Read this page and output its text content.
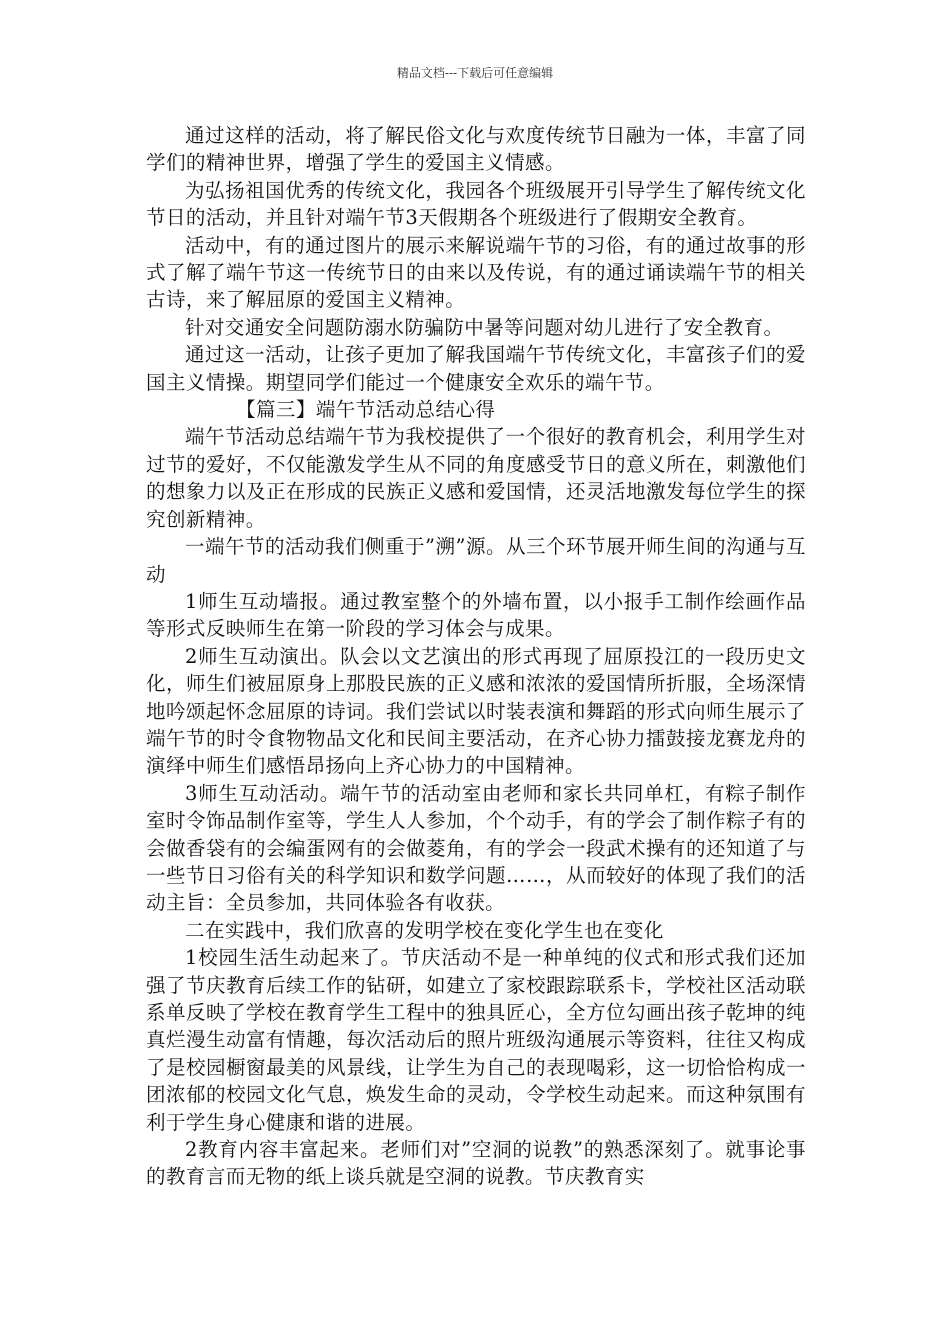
精品文档---下载后可任意编辑

通过这样的活动，将了解民俗文化与欢度传统节日融为一体，丰富了同学们的精神世界，增强了学生的爱国主义情感。

为弘扬祖国优秀的传统文化，我园各个班级展开引导学生了解传统文化节日的活动，并且针对端午节3天假期各个班级进行了假期安全教育。

活动中，有的通过图片的展示来解说端午节的习俗，有的通过故事的形式了解了端午节这一传统节日的由来以及传说，有的通过诵读端午节的相关古诗，来了解屈原的爱国主义精神。

针对交通安全问题防溺水防骗防中暑等问题对幼儿进行了安全教育。

通过这一活动，让孩子更加了解我国端午节传统文化，丰富孩子们的爱国主义情操。期望同学们能过一个健康安全欢乐的端午节。

【篇三】端午节活动总结心得

端午节活动总结端午节为我校提供了一个很好的教育机会，利用学生对过节的爱好，不仅能激发学生从不同的角度感受节日的意义所在，刺激他们的想象力以及正在形成的民族正义感和爱国情，还灵活地激发每位学生的探究创新精神。

一端午节的活动我们侧重于”溯”源。从三个环节展开师生间的沟通与互动

1师生互动墙报。通过教室整个的外墙布置，以小报手工制作绘画作品等形式反映师生在第一阶段的学习体会与成果。

2师生互动演出。队会以文艺演出的形式再现了屈原投江的一段历史文化，师生们被屈原身上那股民族的正义感和浓浓的爱国情所折服，全场深情地吟颂起怀念屈原的诗词。我们尝试以时装表演和舞蹈的形式向师生展示了端午节的时令食物物品文化和民间主要活动，在齐心协力擂鼓接龙赛龙舟的演绎中师生们感悟昂扬向上齐心协力的中国精神。

3师生互动活动。端午节的活动室由老师和家长共同单杠，有粽子制作室时令饰品制作室等，学生人人参加，个个动手，有的学会了制作粽子有的会做香袋有的会编蛋网有的会做菱角，有的学会一段武术操有的还知道了与一些节日习俗有关的科学知识和数学问题……，从而较好的体现了我们的活动主旨：全员参加，共同体验各有收获。

二在实践中，我们欣喜的发明学校在变化学生也在变化

1校园生活生动起来了。节庆活动不是一种单纯的仪式和形式我们还加强了节庆教育后续工作的钻研，如建立了家校跟踪联系卡，学校社区活动联系单反映了学校在教育学生工程中的独具匠心，全方位勾画出孩子乾坤的纯真烂漫生动富有情趣，每次活动后的照片班级沟通展示等资料，往往又构成了是校园橱窗最美的风景线，让学生为自己的表现喝彩，这一切恰恰构成一团浓郁的校园文化气息，焕发生命的灵动，令学校生动起来。而这种氛围有利于学生身心健康和谐的进展。

2教育内容丰富起来。老师们对”空洞的说教”的熟悉深刻了。就事论事的教育言而无物的纸上谈兵就是空洞的说教。节庆教育实
